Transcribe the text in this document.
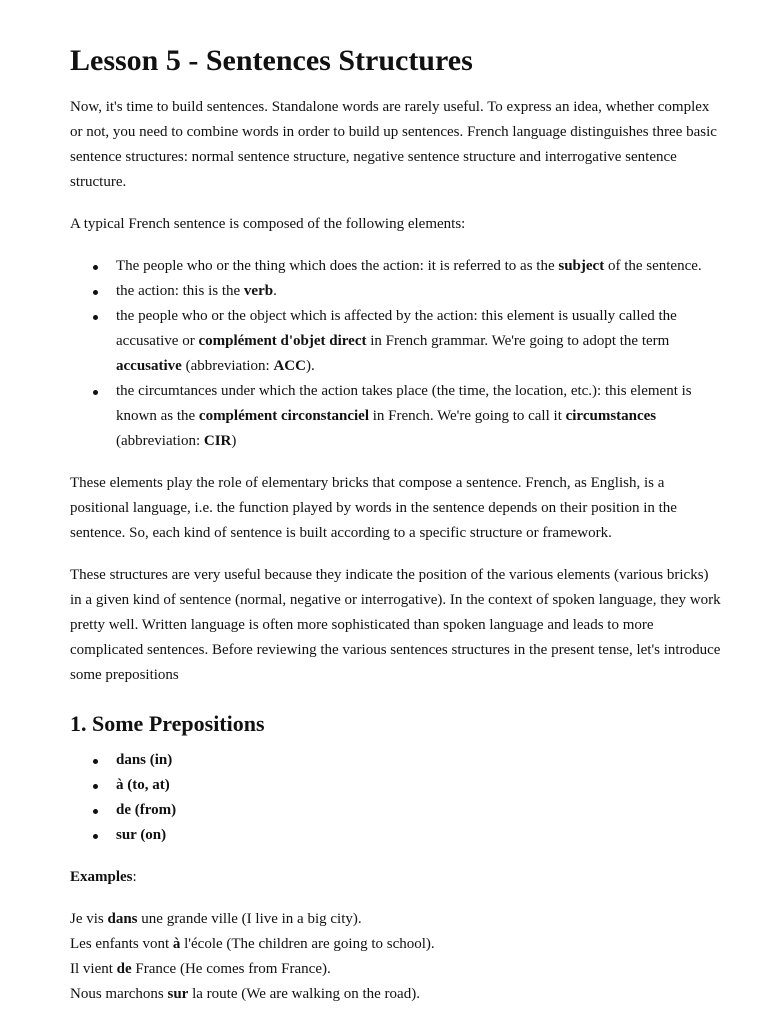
Lesson 5 - Sentences Structures

Now, it's time to build sentences. Standalone words are rarely useful. To express an idea, whether complex or not, you need to combine words in order to build up sentences. French language distinguishes three basic sentence structures: normal sentence structure, negative sentence structure and interrogative sentence structure.

A typical French sentence is composed of the following elements:

The people who or the thing which does the action: it is referred to as the subject of the sentence.
the action: this is the verb.
the people who or the object which is affected by the action: this element is usually called the accusative or complément d'objet direct in French grammar. We're going to adopt the term accusative (abbreviation: ACC).
the circumtances under which the action takes place (the time, the location, etc.): this element is known as the complément circonstanciel in French. We're going to call it circumstances (abbreviation: CIR)

These elements play the role of elementary bricks that compose a sentence. French, as English, is a positional language, i.e. the function played by words in the sentence depends on their position in the sentence. So, each kind of sentence is built according to a specific structure or framework.

These structures are very useful because they indicate the position of the various elements (various bricks) in a given kind of sentence (normal, negative or interrogative). In the context of spoken language, they work pretty well. Written language is often more sophisticated than spoken language and leads to more complicated sentences. Before reviewing the various sentences structures in the present tense, let's introduce some prepositions

1. Some Prepositions
dans (in)
à (to, at)
de (from)
sur (on)

Examples:

Je vis dans une grande ville (I live in a big city).

Les enfants vont à l'école (The children are going to school).

Il vient de France (He comes from France).

Nous marchons sur la route (We are walking on the road).
